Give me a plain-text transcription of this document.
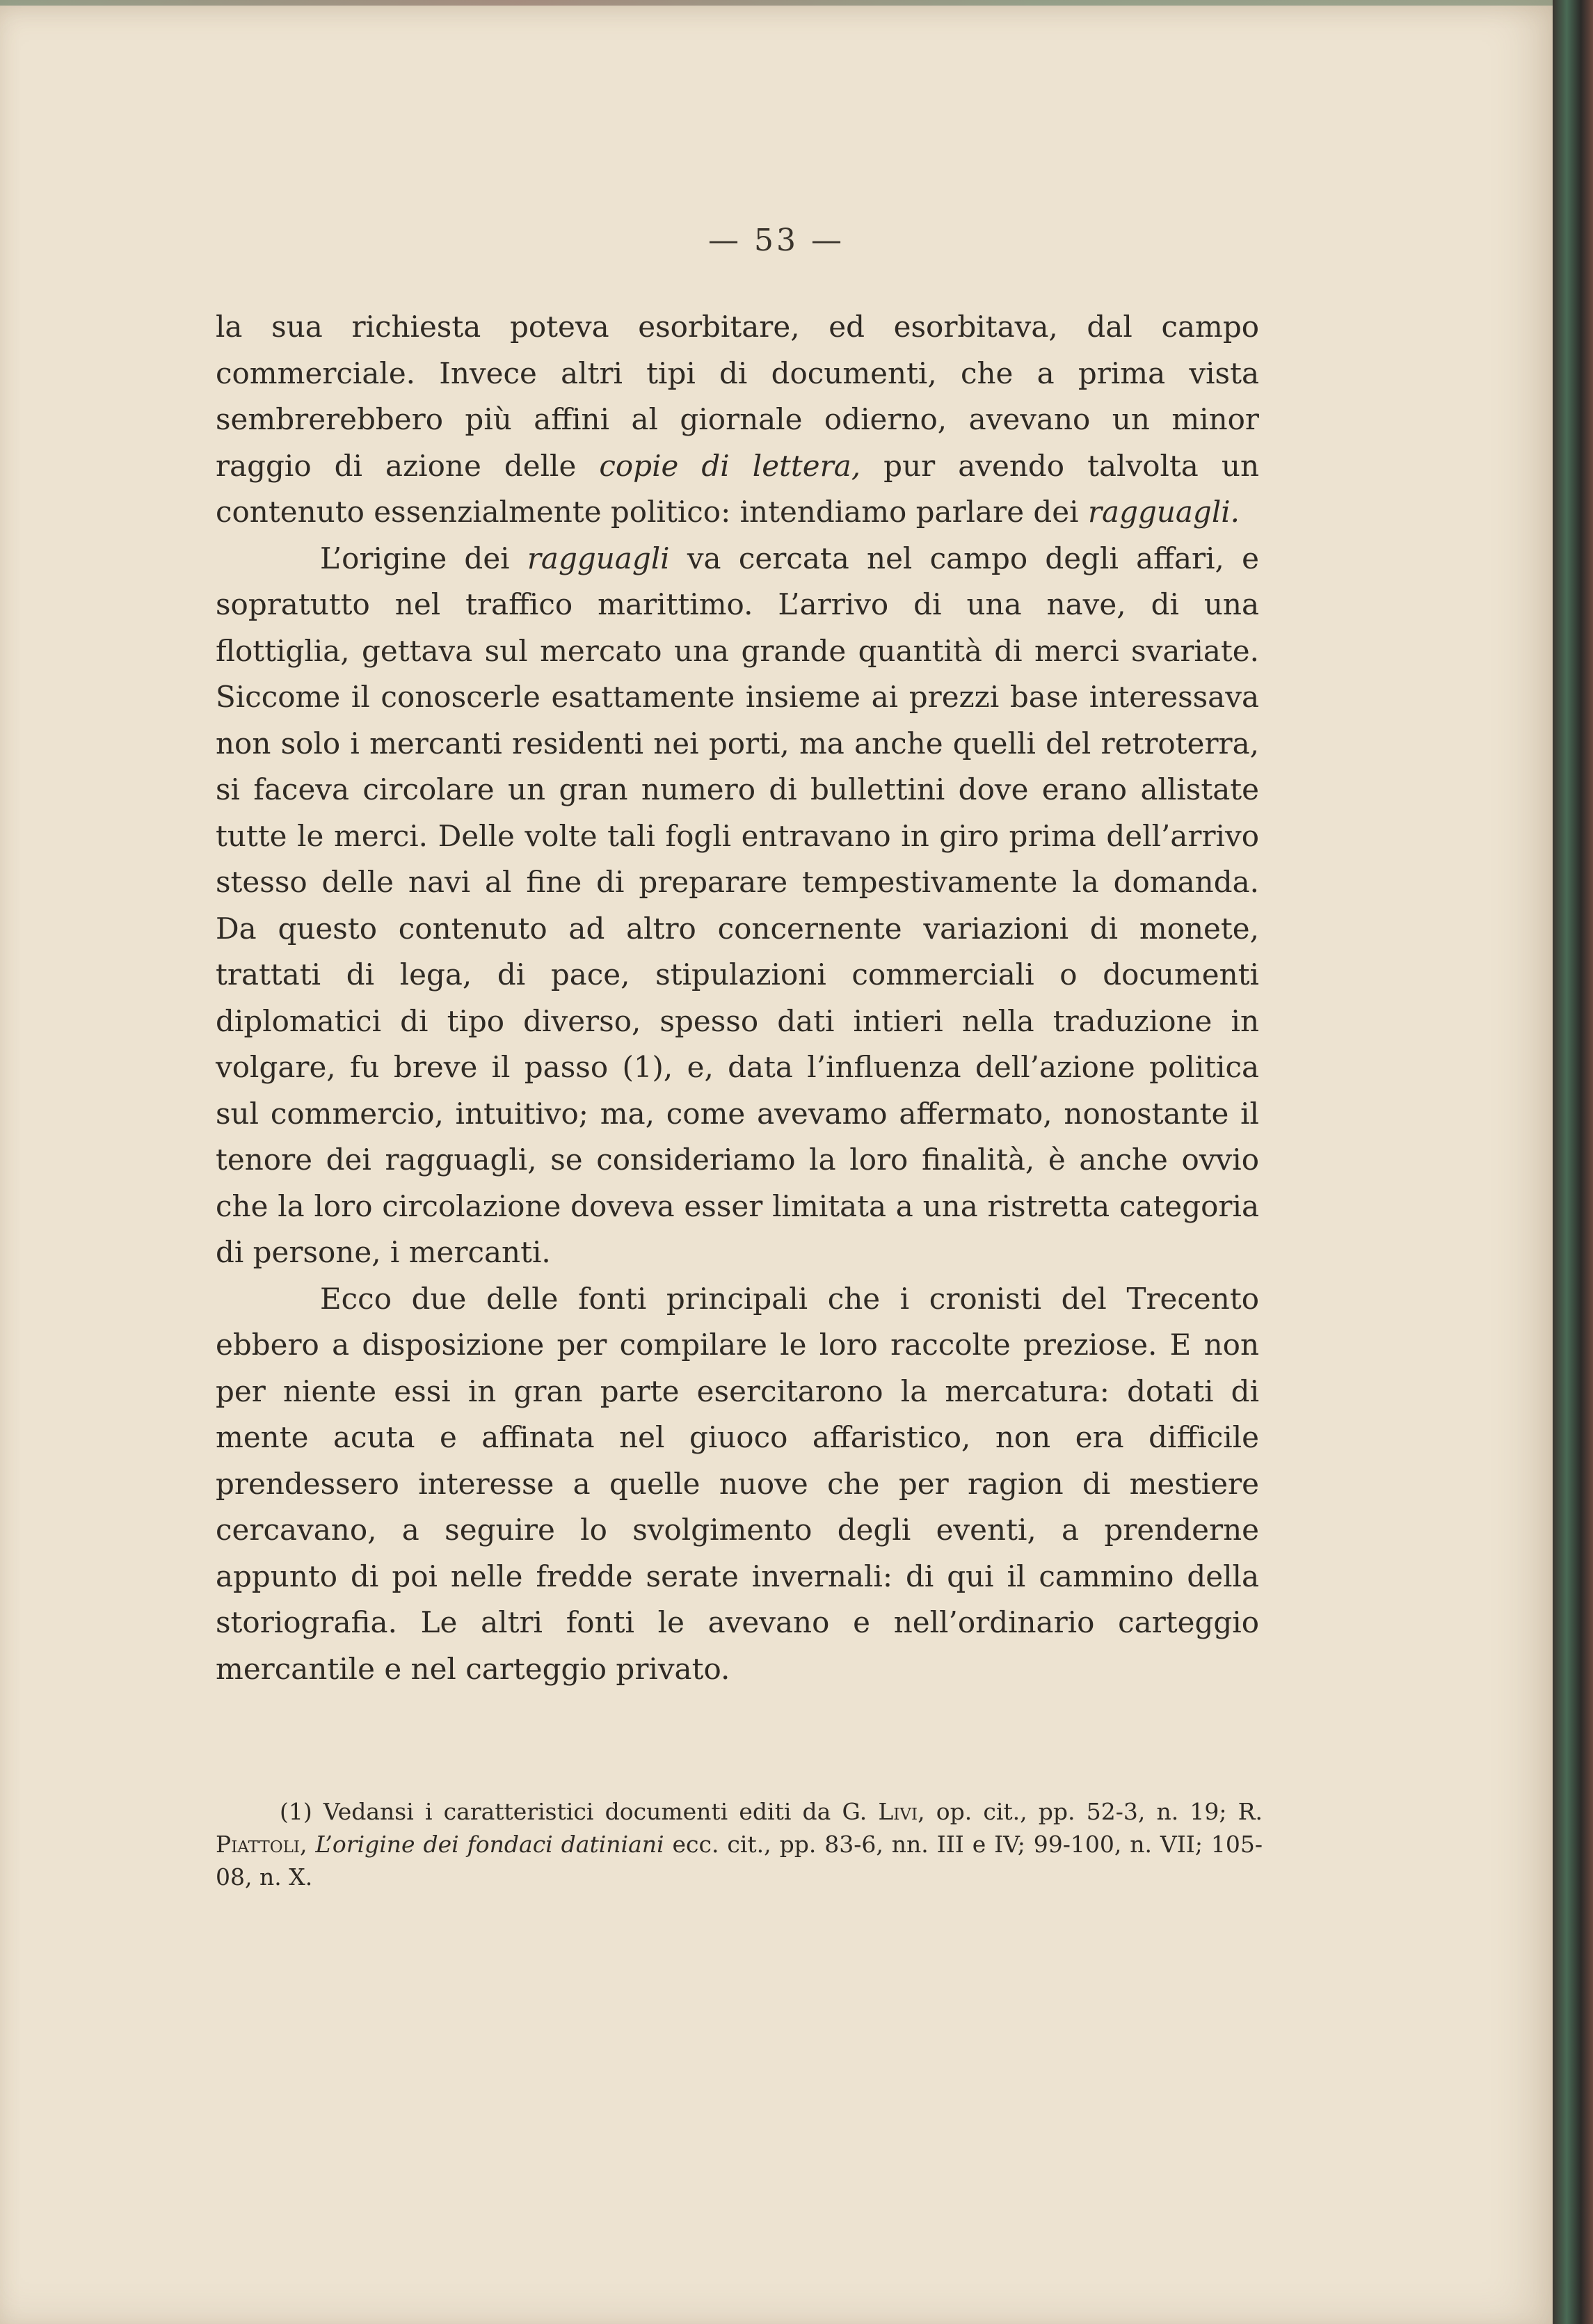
— 53 —

la sua richiesta poteva esorbitare, ed esorbitava, dal campo commerciale. Invece altri tipi di documenti, che a prima vista sembrerebbero più affini al giornale odierno, avevano un minor raggio di azione delle copie di lettera, pur avendo talvolta un contenuto essenzialmente politico: intendiamo parlare dei ragguagli.

L’origine dei ragguagli va cercata nel campo degli affari, e sopratutto nel traffico marittimo. L’arrivo di una nave, di una flottiglia, gettava sul mercato una grande quantità di merci svariate. Siccome il conoscerle esattamente insieme ai prezzi base interessava non solo i mercanti residenti nei porti, ma anche quelli del retroterra, si faceva circolare un gran numero di bullettini dove erano allistate tutte le merci. Delle volte tali fogli entravano in giro prima dell’arrivo stesso delle navi al fine di preparare tempestivamente la domanda. Da questo contenuto ad altro concernente variazioni di monete, trattati di lega, di pace, stipulazioni commerciali o documenti diplomatici di tipo diverso, spesso dati intieri nella traduzione in volgare, fu breve il passo (1), e, data l’influenza dell’azione politica sul commercio, intuitivo; ma, come avevamo affermato, nonostante il tenore dei ragguagli, se consideriamo la loro finalità, è anche ovvio che la loro circolazione doveva esser limitata a una ristretta categoria di persone, i mercanti.

Ecco due delle fonti principali che i cronisti del Trecento ebbero a disposizione per compilare le loro raccolte preziose. E non per niente essi in gran parte esercitarono la mercatura: dotati di mente acuta e affinata nel giuoco affaristico, non era difficile prendessero interesse a quelle nuove che per ragion di mestiere cercavano, a seguire lo svolgimento degli eventi, a prenderne appunto di poi nelle fredde serate invernali: di qui il cammino della storiografia. Le altri fonti le avevano e nell’ordinario carteggio mercantile e nel carteggio privato.

(1) Vedansi i caratteristici documenti editi da G. Livi, op. cit., pp. 52-3, n. 19; R. Piattoli, L’origine dei fondaci datiniani ecc. cit., pp. 83-6, nn. III e IV; 99-100, n. VII; 105-08, n. X.
